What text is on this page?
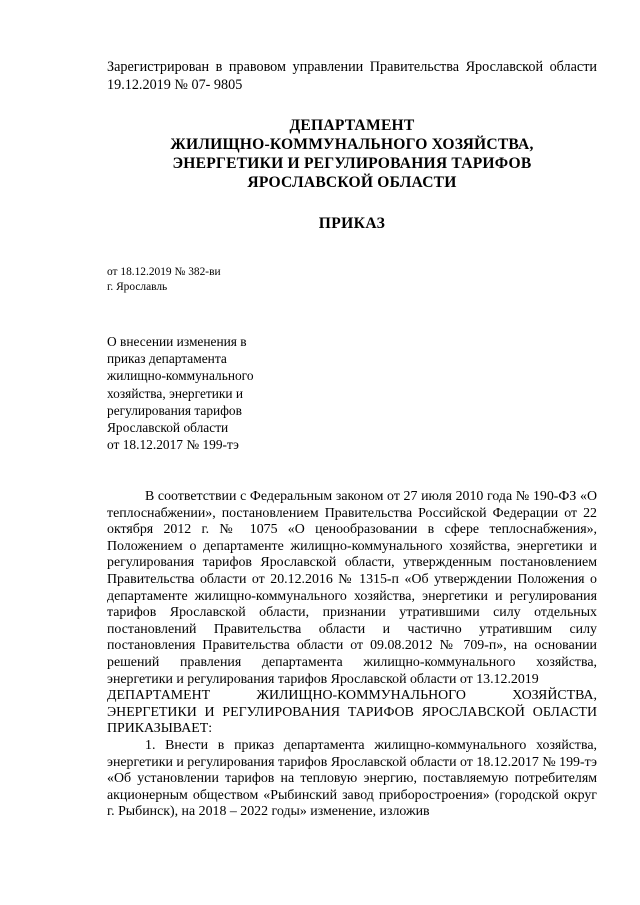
Зарегистрирован в правовом управлении Правительства Ярославской области 19.12.2019 № 07- 9805
ДЕПАРТАМЕНТ
ЖИЛИЩНО-КОММУНАЛЬНОГО ХОЗЯЙСТВА,
ЭНЕРГЕТИКИ И РЕГУЛИРОВАНИЯ ТАРИФОВ
ЯРОСЛАВСКОЙ ОБЛАСТИ
ПРИКАЗ
от 18.12.2019 № 382-ви
г. Ярославль
О внесении изменения в
приказ департамента
жилищно-коммунального
хозяйства, энергетики и
регулирования тарифов
Ярославской области
от 18.12.2017 № 199-тэ

В соответствии с Федеральным законом от 27 июля 2010 года № 190-ФЗ «О теплоснабжении», постановлением Правительства Российской Федерации от 22 октября 2012 г. № 1075 «О ценообразовании в сфере теплоснабжения», Положением о департаменте жилищно-коммунального хозяйства, энергетики и регулирования тарифов Ярославской области, утвержденным постановлением Правительства области от 20.12.2016 № 1315-п «Об утверждении Положения о департаменте жилищно-коммунального хозяйства, энергетики и регулирования тарифов Ярославской области, признании утратившими силу отдельных постановлений Правительства области и частично утратившим силу постановления Правительства области от 09.08.2012 № 709-п», на основании решений правления департамента жилищно-коммунального хозяйства, энергетики и регулирования тарифов Ярославской области от 13.12.2019

ДЕПАРТАМЕНТ ЖИЛИЩНО-КОММУНАЛЬНОГО ХОЗЯЙСТВА, ЭНЕРГЕТИКИ И РЕГУЛИРОВАНИЯ ТАРИФОВ ЯРОСЛАВСКОЙ ОБЛАСТИ ПРИКАЗЫВАЕТ:

1. Внести в приказ департамента жилищно-коммунального хозяйства, энергетики и регулирования тарифов Ярославской области от 18.12.2017 № 199-тэ «Об установлении тарифов на тепловую энергию, поставляемую потребителям акционерным обществом «Рыбинский завод приборостроения» (городской округ г. Рыбинск), на 2018 – 2022 годы» изменение, изложив
